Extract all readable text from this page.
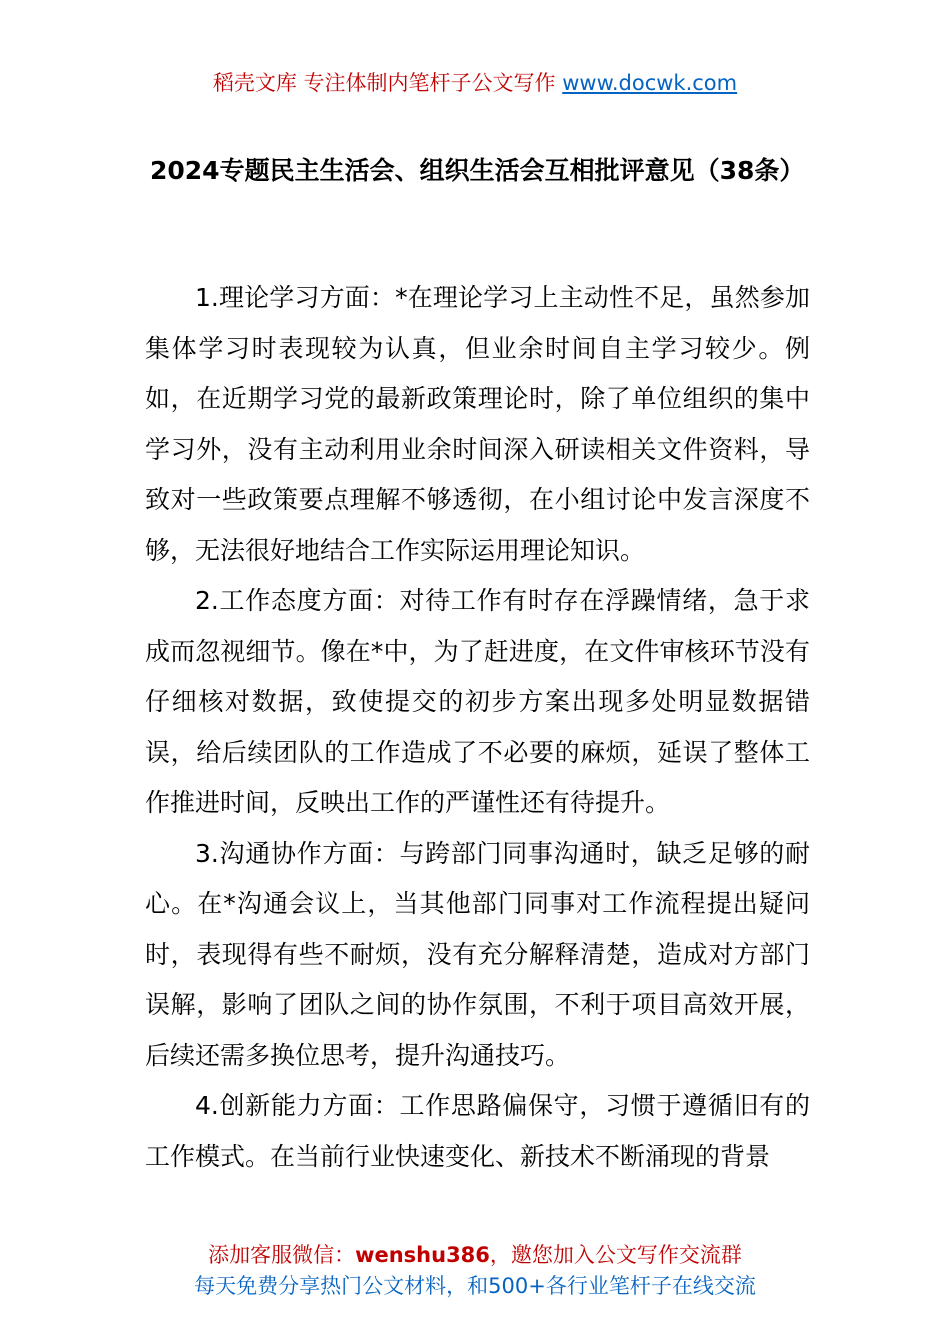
稻壳文库 专注体制内笔杆子公文写作 www.docwk.com
2024专题民主生活会、组织生活会互相批评意见（38条）

1.理论学习方面：*在理论学习上主动性不足，虽然参加集体学习时表现较为认真，但业余时间自主学习较少。例如，在近期学习党的最新政策理论时，除了单位组织的集中学习外，没有主动利用业余时间深入研读相关文件资料，导致对一些政策要点理解不够透彻，在小组讨论中发言深度不够，无法很好地结合工作实际运用理论知识。

2.工作态度方面：对待工作有时存在浮躁情绪，急于求成而忽视细节。像在*中，为了赶进度，在文件审核环节没有仔细核对数据，致使提交的初步方案出现多处明显数据错误，给后续团队的工作造成了不必要的麻烦，延误了整体工作推进时间，反映出工作的严谨性还有待提升。

3.沟通协作方面：与跨部门同事沟通时，缺乏足够的耐心。在*沟通会议上，当其他部门同事对工作流程提出疑问时，表现得有些不耐烦，没有充分解释清楚，造成对方部门误解，影响了团队之间的协作氛围，不利于项目高效开展，后续还需多换位思考，提升沟通技巧。

4.创新能力方面：工作思路偏保守，习惯于遵循旧有的工作模式。在当前行业快速变化、新技术不断涌现的背景

添加客服微信：wenshu386，邀您加入公文写作交流群
每天免费分享热门公文材料，和500+各行业笔杆子在线交流
